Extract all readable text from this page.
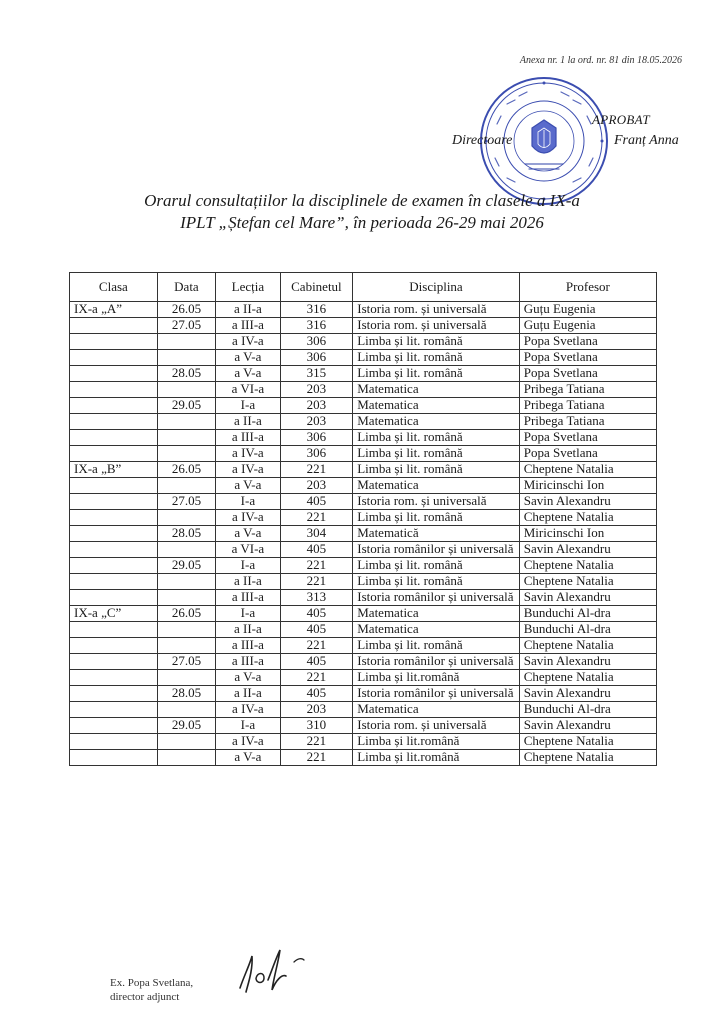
Anexa nr. 1 la ord. nr. 81 din 18.05.2026
APROBAT
Directoare	Franț Anna
Orarul consultațiilor la disciplinele de examen în clasele a IX-a
IPLT „Ștefan cel Mare”, în perioada 26-29 mai 2026
Clasa	Data	Lecția	Cabinetul	Disciplina	Profesor
IX-a „A”	26.05	a II-a	316	Istoria rom. și universală	Guțu Eugenia
	27.05	a III-a	316	Istoria rom. și universală	Guțu Eugenia
		a IV-a	306	Limba și lit. română	Popa Svetlana
		a V-a	306	Limba și lit. română	Popa Svetlana
	28.05	a V-a	315	Limba și lit. română	Popa Svetlana
		a VI-a	203	Matematica	Pribega Tatiana
	29.05	I-a	203	Matematica	Pribega Tatiana
		a II-a	203	Matematica	Pribega Tatiana
		a III-a	306	Limba și lit. română	Popa Svetlana
		a IV-a	306	Limba și lit. română	Popa Svetlana
IX-a „B”	26.05	a IV-a	221	Limba și lit. română	Cheptene Natalia
		a V-a	203	Matematica	Miricinschi Ion
	27.05	I-a	405	Istoria rom. și universală	Savin Alexandru
		a IV-a	221	Limba și lit. română	Cheptene Natalia
	28.05	a V-a	304	Matematică	Miricinschi Ion
		a VI-a	405	Istoria românilor și universală	Savin Alexandru
	29.05	I-a	221	Limba și lit. română	Cheptene Natalia
		a II-a	221	Limba și lit. română	Cheptene Natalia
		a III-a	313	Istoria românilor și universală	Savin Alexandru
IX-a „C”	26.05	I-a	405	Matematica	Bunduchi Al-dra
		a II-a	405	Matematica	Bunduchi Al-dra
		a III-a	221	Limba și lit. română	Cheptene Natalia
	27.05	a III-a	405	Istoria românilor și universală	Savin Alexandru
		a V-a	221	Limba și lit.română	Cheptene Natalia
	28.05	a II-a	405	Istoria românilor și universală	Savin Alexandru
		a IV-a	203	Matematica	Bunduchi Al-dra
	29.05	I-a	310	Istoria rom. și universală	Savin Alexandru
		a IV-a	221	Limba și lit.română	Cheptene Natalia
		a V-a	221	Limba și lit.română	Cheptene Natalia
Ex. Popa Svetlana,
director adjunct
